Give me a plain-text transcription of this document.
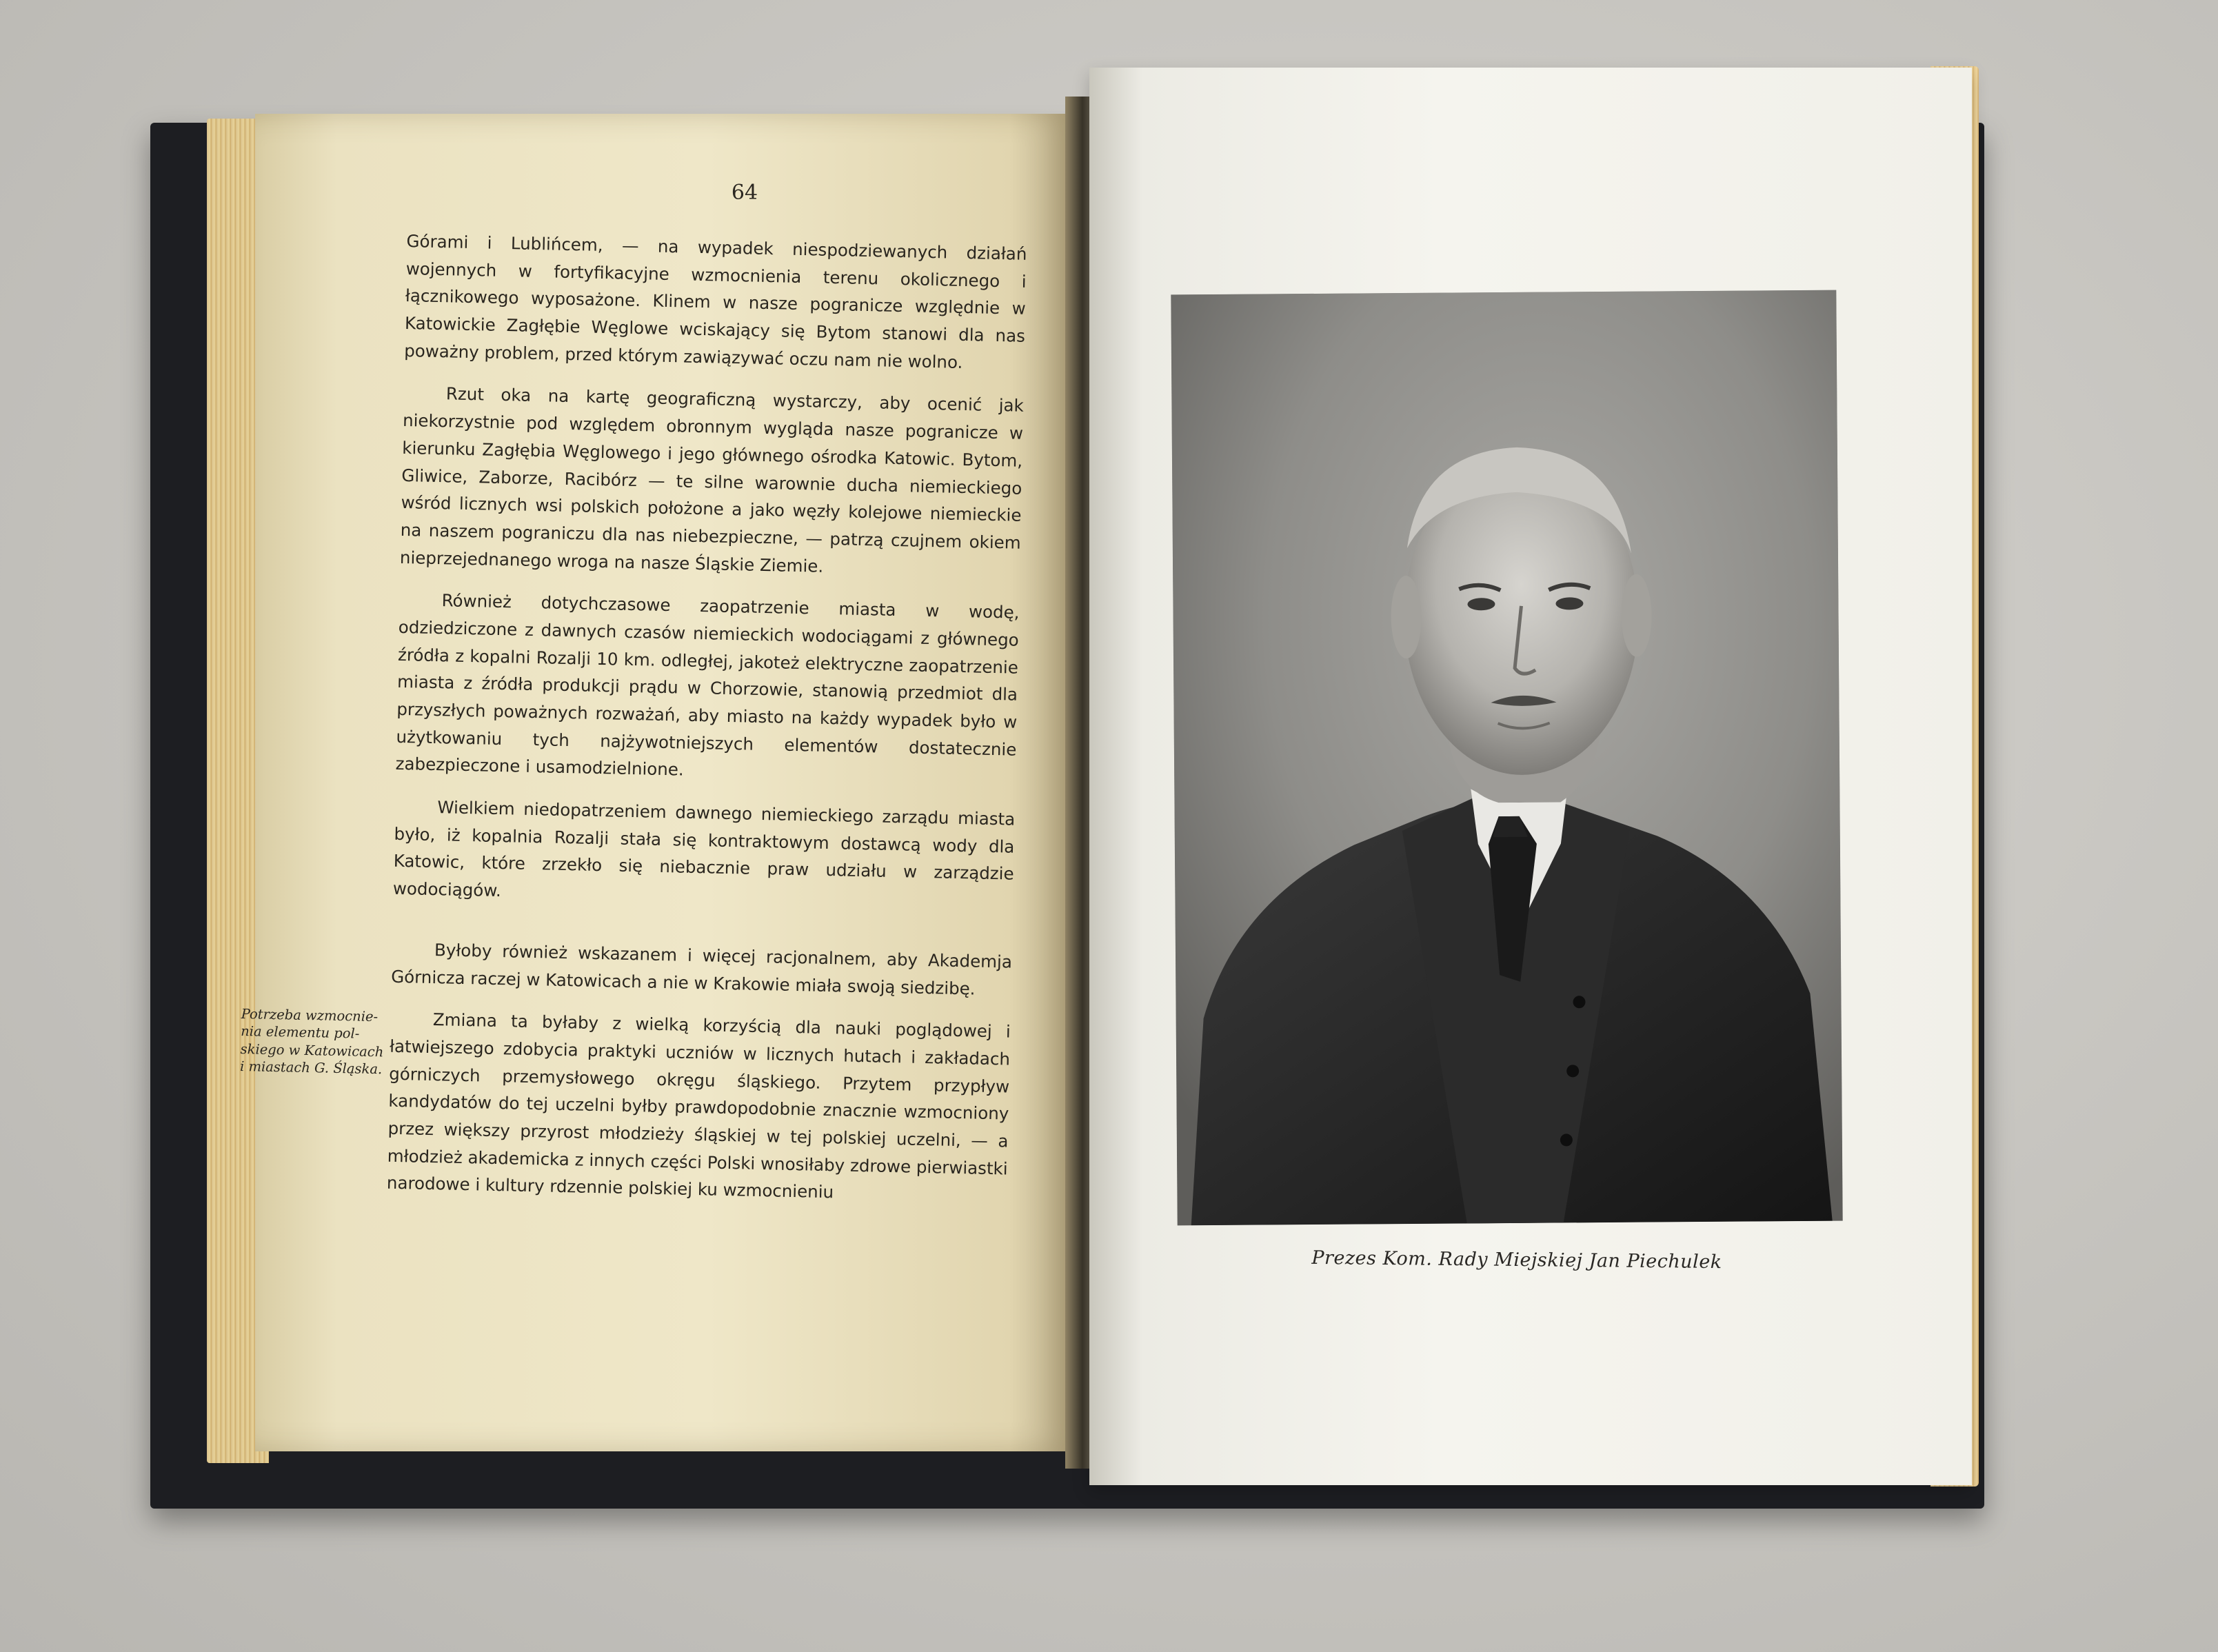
64

Górami i Lublińcem, — na wypadek niespodziewanych działań wojennych w fortyfikacyjne wzmocnienia terenu okolicznego i łącznikowego wyposażone. Klinem w nasze pogranicze względnie w Katowickie Zagłębie Węglowe wciskający się Bytom stanowi dla nas poważny problem, przed którym zawiązywać oczu nam nie wolno.

Rzut oka na kartę geograficzną wystarczy, aby ocenić jak niekorzystnie pod względem obronnym wygląda nasze pogranicze w kierunku Zagłębia Węglowego i jego głównego ośrodka Katowic. Bytom, Gliwice, Zaborze, Racibórz — te silne warownie ducha niemieckiego wśród licznych wsi polskich położone a jako węzły kolejowe niemieckie na naszem pograniczu dla nas niebezpieczne, — patrzą czujnem okiem nieprzejednanego wroga na nasze Śląskie Ziemie.

Również dotychczasowe zaopatrzenie miasta w wodę, odziedziczone z dawnych czasów niemieckich wodociągami z głównego źródła z kopalni Rozalji 10 km. odległej, jakoteż elektryczne zaopatrzenie miasta z źródła produkcji prądu w Chorzowie, stanowią przedmiot dla przyszłych poważnych rozważań, aby miasto na każdy wypadek było w użytkowaniu tych najżywotniejszych elementów dostatecznie zabezpieczone i usamodzielnione.

Wielkiem niedopatrzeniem dawnego niemieckiego zarządu miasta było, iż kopalnia Rozalji stała się kontraktowym dostawcą wody dla Katowic, które zrzekło się niebacznie praw udziału w zarządzie wodociągów.

Byłoby również wskazanem i więcej racjonalnem, aby Akademja Górnicza raczej w Katowicach a nie w Krakowie miała swoją siedzibę.

Zmiana ta byłaby z wielką korzyścią dla nauki poglądowej i łatwiejszego zdobycia praktyki uczniów w licznych hutach i zakładach górniczych przemysłowego okręgu śląskiego. Przytem przypływ kandydatów do tej uczelni byłby prawdopodobnie znacznie wzmocniony przez większy przyrost młodzieży śląskiej w tej polskiej uczelni, — a młodzież akademicka z innych części Polski wnosiłaby zdrowe pierwiastki narodowe i kultury rdzennie polskiej ku wzmocnieniu

Potrzeba wzmocnie-
nia elementu pol-
skiego w Katowicach
i miastach G. Śląska.
Prezes Kom. Rady Miejskiej Jan Piechulek
